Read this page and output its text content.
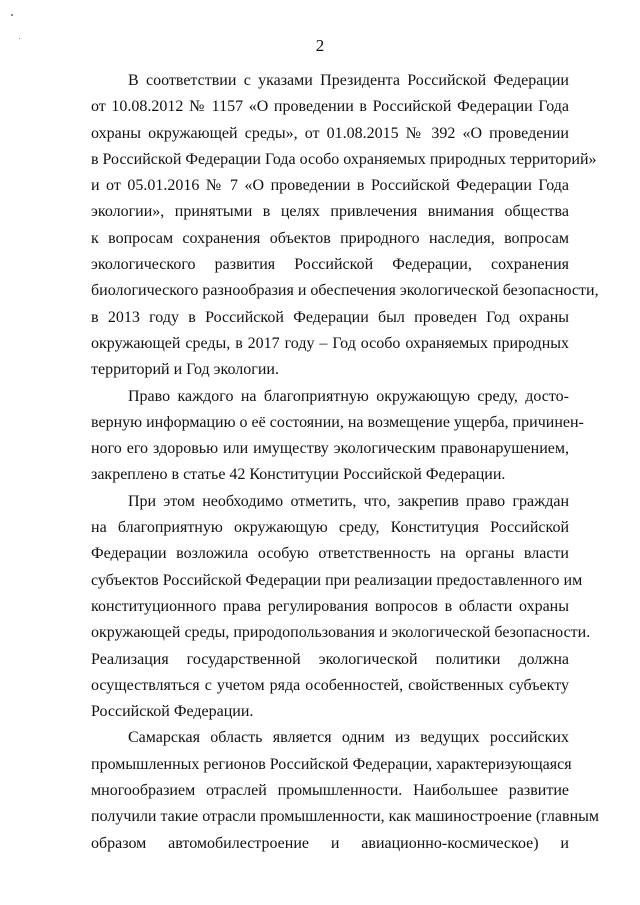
2
В соответствии с указами Президента Российской Федерации
от 10.08.2012 № 1157 «О проведении в Российской Федерации Года
охраны окружающей среды», от 01.08.2015 № 392 «О проведении
в Российской Федерации Года особо охраняемых природных территорий»
и от 05.01.2016 № 7 «О проведении в Российской Федерации Года
экологии», принятыми в целях привлечения внимания общества
к вопросам сохранения объектов природного наследия, вопросам
экологического развития Российской Федерации, сохранения
биологического разнообразия и обеспечения экологической безопасности,
в 2013 году в Российской Федерации был проведен Год охраны
окружающей среды, в 2017 году – Год особо охраняемых природных
территорий и Год экологии.
Право каждого на благоприятную окружающую среду, досто-
верную информацию о её состоянии, на возмещение ущерба, причинен-
ного его здоровью или имуществу экологическим правонарушением,
закреплено в статье 42 Конституции Российской Федерации.
При этом необходимо отметить, что, закрепив право граждан
на благоприятную окружающую среду, Конституция Российской
Федерации возложила особую ответственность на органы власти
субъектов Российской Федерации при реализации предоставленного им
конституционного права регулирования вопросов в области охраны
окружающей среды, природопользования и экологической безопасности.
Реализация государственной экологической политики должна
осуществляться с учетом ряда особенностей, свойственных субъекту
Российской Федерации.
Самарская область является одним из ведущих российских
промышленных регионов Российской Федерации, характеризующаяся
многообразием отраслей промышленности. Наибольшее развитие
получили такие отрасли промышленности, как машиностроение (главным
образом автомобилестроение и авиационно-космическое) и
